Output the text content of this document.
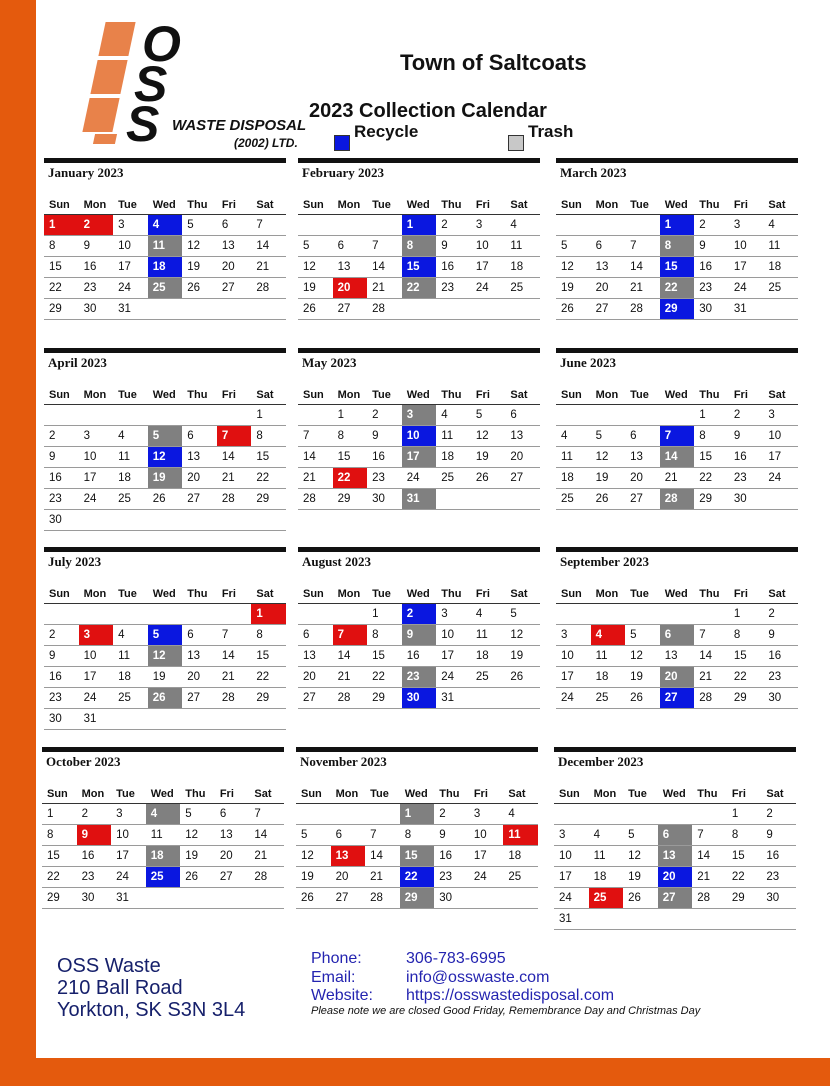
O
S
S WASTE DISPOSAL
(2002) LTD.
Town of Saltcoats
2023 Collection Calendar
Recycle	Trash
January 2023
Sun	Mon	Tue	Wed	Thu	Fri	Sat
1	2	3	4	5	6	7
8	9	10	11	12	13	14
15	16	17	18	19	20	21
22	23	24	25	26	27	28
29	30	31				
February 2023
Sun	Mon	Tue	Wed	Thu	Fri	Sat
			1	2	3	4
5	6	7	8	9	10	11
12	13	14	15	16	17	18
19	20	21	22	23	24	25
26	27	28				
March 2023
Sun	Mon	Tue	Wed	Thu	Fri	Sat
			1	2	3	4
5	6	7	8	9	10	11
12	13	14	15	16	17	18
19	20	21	22	23	24	25
26	27	28	29	30	31	
April 2023
Sun	Mon	Tue	Wed	Thu	Fri	Sat
						1
2	3	4	5	6	7	8
9	10	11	12	13	14	15
16	17	18	19	20	21	22
23	24	25	26	27	28	29
30						
May 2023
Sun	Mon	Tue	Wed	Thu	Fri	Sat
	1	2	3	4	5	6
7	8	9	10	11	12	13
14	15	16	17	18	19	20
21	22	23	24	25	26	27
28	29	30	31			
June 2023
Sun	Mon	Tue	Wed	Thu	Fri	Sat
				1	2	3
4	5	6	7	8	9	10
11	12	13	14	15	16	17
18	19	20	21	22	23	24
25	26	27	28	29	30	
July 2023
Sun	Mon	Tue	Wed	Thu	Fri	Sat
						1
2	3	4	5	6	7	8
9	10	11	12	13	14	15
16	17	18	19	20	21	22
23	24	25	26	27	28	29
30	31					
August 2023
Sun	Mon	Tue	Wed	Thu	Fri	Sat
		1	2	3	4	5
6	7	8	9	10	11	12
13	14	15	16	17	18	19
20	21	22	23	24	25	26
27	28	29	30	31		
September 2023
Sun	Mon	Tue	Wed	Thu	Fri	Sat
					1	2
3	4	5	6	7	8	9
10	11	12	13	14	15	16
17	18	19	20	21	22	23
24	25	26	27	28	29	30
October 2023
Sun	Mon	Tue	Wed	Thu	Fri	Sat
1	2	3	4	5	6	7
8	9	10	11	12	13	14
15	16	17	18	19	20	21
22	23	24	25	26	27	28
29	30	31				
November 2023
Sun	Mon	Tue	Wed	Thu	Fri	Sat
			1	2	3	4
5	6	7	8	9	10	11
12	13	14	15	16	17	18
19	20	21	22	23	24	25
26	27	28	29	30		
December 2023
Sun	Mon	Tue	Wed	Thu	Fri	Sat
					1	2
3	4	5	6	7	8	9
10	11	12	13	14	15	16
17	18	19	20	21	22	23
24	25	26	27	28	29	30
31						
OSS Waste
210 Ball Road
Yorkton, SK S3N 3L4
Phone:	306-783-6995
Email:	info@osswaste.com
Website: https://osswastedisposal.com
Please note we are closed Good Friday, Remembrance Day and Christmas Day
